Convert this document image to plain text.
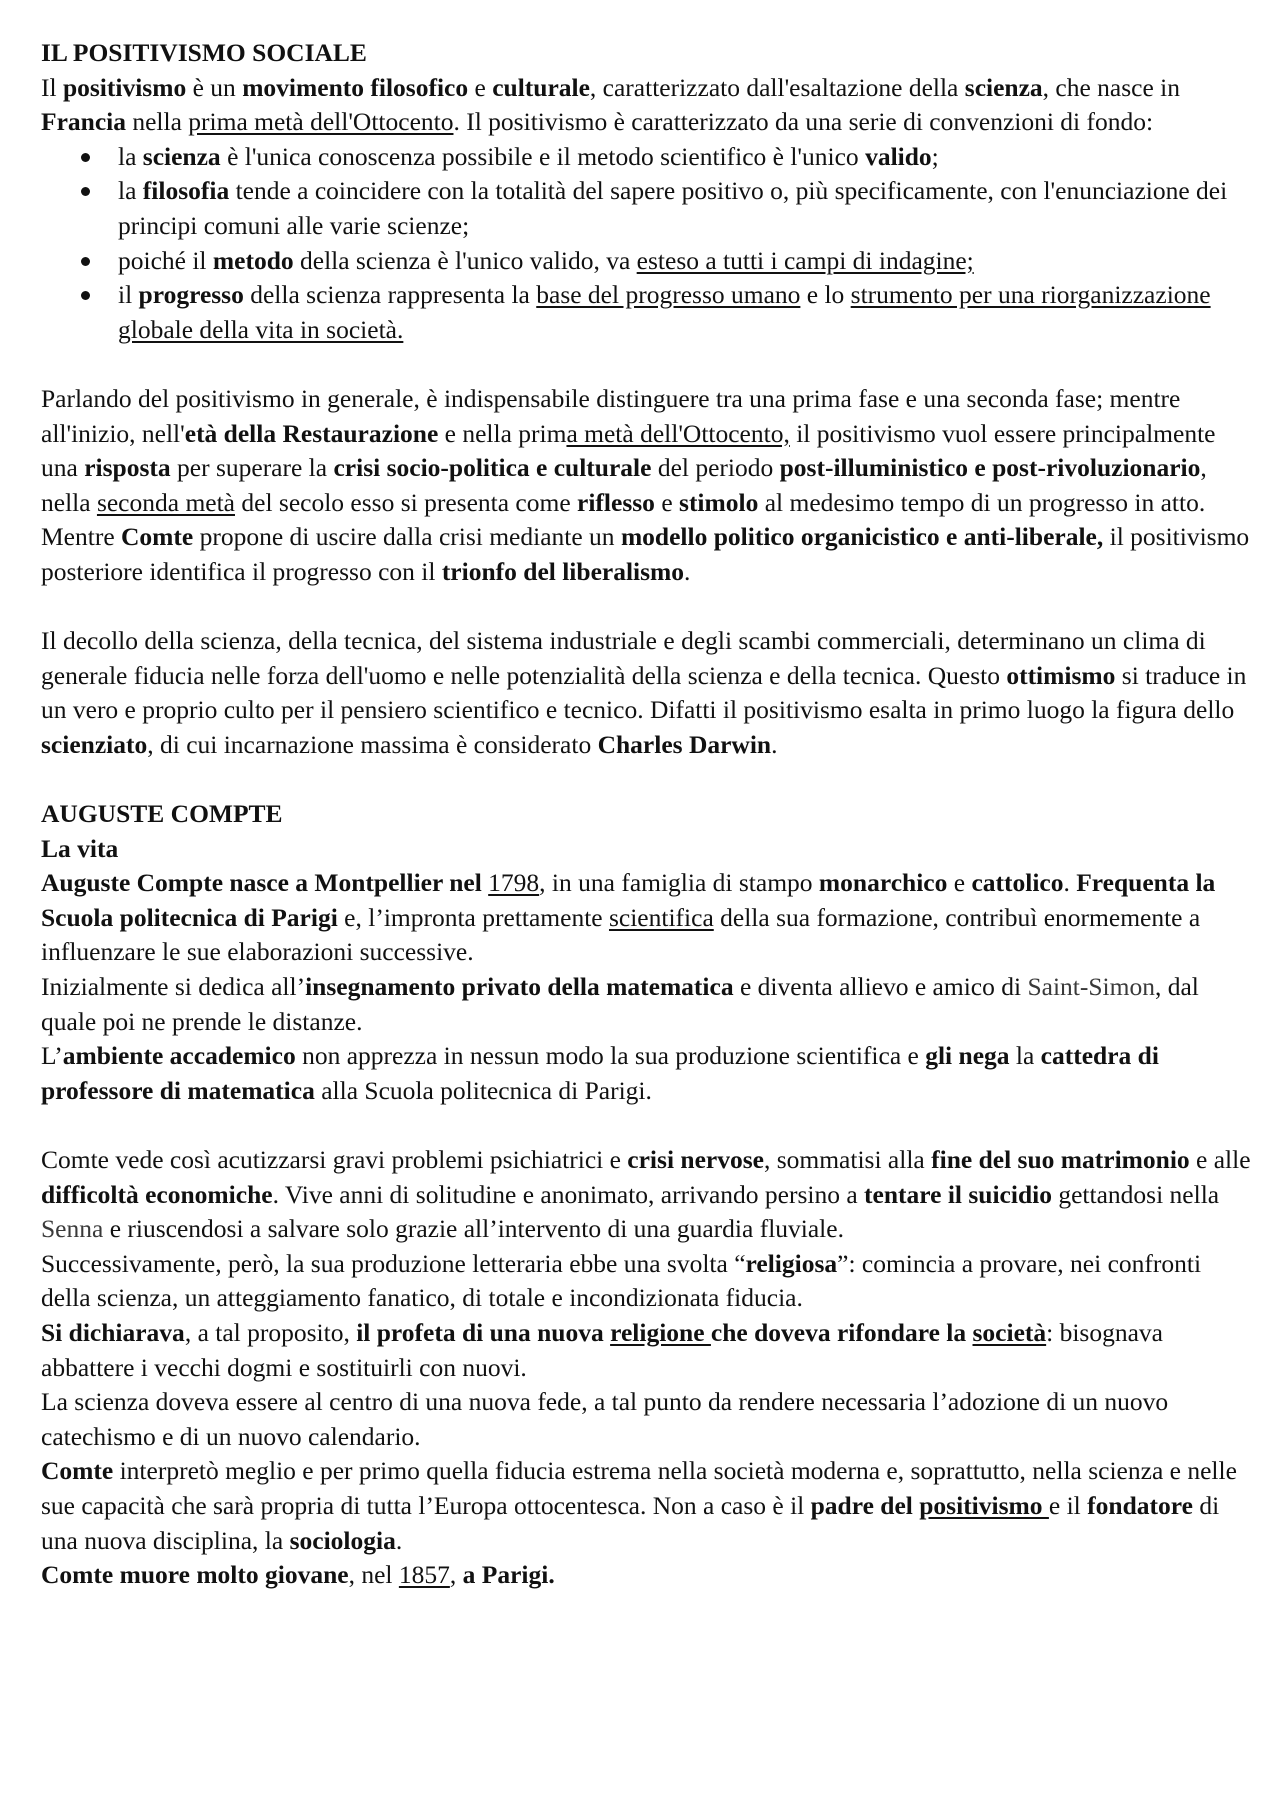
IL POSITIVISMO SOCIALE

Il positivismo è un movimento filosofico e culturale, caratterizzato dall'esaltazione della scienza, che nasce in Francia nella prima metà dell'Ottocento. Il positivismo è caratterizzato da una serie di convenzioni di fondo:

la scienza è l'unica conoscenza possibile e il metodo scientifico è l'unico valido;
la filosofia tende a coincidere con la totalità del sapere positivo o, più specificamente, con l'enunciazione dei principi comuni alle varie scienze;
poiché il metodo della scienza è l'unico valido, va esteso a tutti i campi di indagine;
il progresso della scienza rappresenta la base del progresso umano e lo strumento per una riorganizzazione globale della vita in società.

Parlando del positivismo in generale, è indispensabile distinguere tra una prima fase e una seconda fase; mentre all'inizio, nell'età della Restaurazione e nella prima metà dell'Ottocento, il positivismo vuol essere principalmente una risposta per superare la crisi socio-politica e culturale del periodo post-illuministico e post-rivoluzionario, nella seconda metà del secolo esso si presenta come riflesso e stimolo al medesimo tempo di un progresso in atto.

Mentre Comte propone di uscire dalla crisi mediante un modello politico organicistico e anti-liberale, il positivismo posteriore identifica il progresso con il trionfo del liberalismo.

Il decollo della scienza, della tecnica, del sistema industriale e degli scambi commerciali, determinano un clima di generale fiducia nelle forza dell'uomo e nelle potenzialità della scienza e della tecnica. Questo ottimismo si traduce in un vero e proprio culto per il pensiero scientifico e tecnico. Difatti il positivismo esalta in primo luogo la figura dello scienziato, di cui incarnazione massima è considerato Charles Darwin.

AUGUSTE COMPTE

La vita

Auguste Compte nasce a Montpellier nel 1798, in una famiglia di stampo monarchico e cattolico. Frequenta la Scuola politecnica di Parigi e, l’impronta prettamente scientifica della sua formazione, contribuì enormemente a influenzare le sue elaborazioni successive.

Inizialmente si dedica all’insegnamento privato della matematica e diventa allievo e amico di Saint-Simon, dal quale poi ne prende le distanze.

L’ambiente accademico non apprezza in nessun modo la sua produzione scientifica e gli nega la cattedra di professore di matematica alla Scuola politecnica di Parigi.

Comte vede così acutizzarsi gravi problemi psichiatrici e crisi nervose, sommatisi alla fine del suo matrimonio e alle difficoltà economiche. Vive anni di solitudine e anonimato, arrivando persino a tentare il suicidio gettandosi nella Senna e riuscendosi a salvare solo grazie all’intervento di una guardia fluviale.

Successivamente, però, la sua produzione letteraria ebbe una svolta “religiosa”: comincia a provare, nei confronti della scienza, un atteggiamento fanatico, di totale e incondizionata fiducia.

Si dichiarava, a tal proposito, il profeta di una nuova religione che doveva rifondare la società: bisognava abbattere i vecchi dogmi e sostituirli con nuovi.

La scienza doveva essere al centro di una nuova fede, a tal punto da rendere necessaria l’adozione di un nuovo catechismo e di un nuovo calendario.

Comte interpretò meglio e per primo quella fiducia estrema nella società moderna e, soprattutto, nella scienza e nelle sue capacità che sarà propria di tutta l’Europa ottocentesca. Non a caso è il padre del positivismo e il fondatore di una nuova disciplina, la sociologia.

Comte muore molto giovane, nel 1857, a Parigi.
